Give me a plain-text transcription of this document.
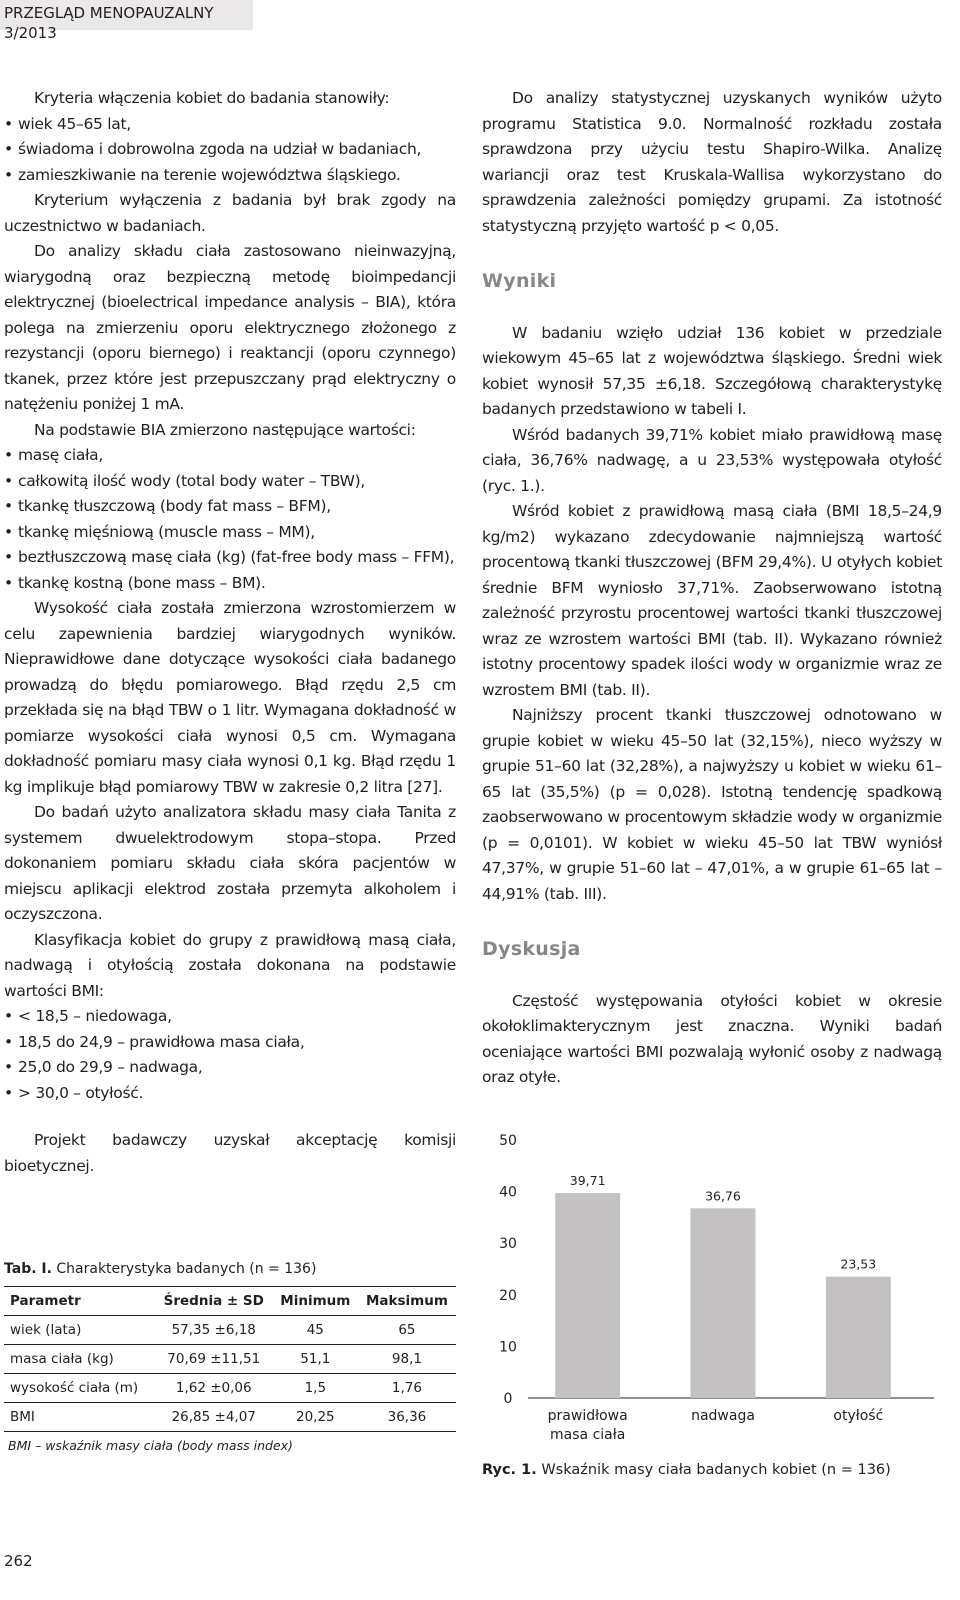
PRZEGLĄD MENOPAUZALNY 3/2013
Kryteria włączenia kobiet do badania stanowiły:
• wiek 45–65 lat,
• świadoma i dobrowolna zgoda na udział w badaniach,
• zamieszkiwanie na terenie województwa śląskiego.
Kryterium wyłączenia z badania był brak zgody na uczestnictwo w badaniach.
Do analizy składu ciała zastosowano nieinwazyjną, wiarygodną oraz bezpieczną metodę bioimpedancji elektrycznej (bioelectrical impedance analysis – BIA), która polega na zmierzeniu oporu elektrycznego złożonego z rezystancji (oporu biernego) i reaktancji (oporu czynnego) tkanek, przez które jest przepuszczany prąd elektryczny o natężeniu poniżej 1 mA.
Na podstawie BIA zmierzono następujące wartości:
• masę ciała,
• całkowitą ilość wody (total body water – TBW),
• tkankę tłuszczową (body fat mass – BFM),
• tkankę mięśniową (muscle mass – MM),
• beztłuszczową masę ciała (kg) (fat-free body mass – FFM),
• tkankę kostną (bone mass – BM).
Wysokość ciała została zmierzona wzrostomierzem w celu zapewnienia bardziej wiarygodnych wyników. Nieprawidłowe dane dotyczące wysokości ciała badanego prowadzą do błędu pomiarowego. Błąd rzędu 2,5 cm przekłada się na błąd TBW o 1 litr. Wymagana dokładność w pomiarze wysokości ciała wynosi 0,5 cm. Wymagana dokładność pomiaru masy ciała wynosi 0,1 kg. Błąd rzędu 1 kg implikuje błąd pomiarowy TBW w zakresie 0,2 litra [27].
Do badań użyto analizatora składu masy ciała Tanita z systemem dwuelektrodowym stopa–stopa. Przed dokonaniem pomiaru składu ciała skóra pacjentów w miejscu aplikacji elektrod została przemyta alkoholem i oczyszczona.
Klasyfikacja kobiet do grupy z prawidłową masą ciała, nadwagą i otyłością została dokonana na podstawie wartości BMI:
• < 18,5 – niedowaga,
• 18,5 do 24,9 – prawidłowa masa ciała,
• 25,0 do 29,9 – nadwaga,
• > 30,0 – otyłość.
Projekt badawczy uzyskał akceptację komisji bioetycznej.
Tab. I. Charakterystyka badanych (n = 136)
Parametr	Średnia ± SD	Minimum	Maksimum
wiek (lata)	57,35 ±6,18	45	65
masa ciała (kg)	70,69 ±11,51	51,1	98,1
wysokość ciała (m)	1,62 ±0,06	1,5	1,76
BMI	26,85 ±4,07	20,25	36,36
BMI – wskaźnik masy ciała (body mass index)
Do analizy statystycznej uzyskanych wyników użyto programu Statistica 9.0. Normalność rozkładu została sprawdzona przy użyciu testu Shapiro-Wilka. Analizę wariancji oraz test Kruskala-Wallisa wykorzystano do sprawdzenia zależności pomiędzy grupami. Za istotność statystyczną przyjęto wartość p < 0,05.
Wyniki
W badaniu wzięło udział 136 kobiet w przedziale wiekowym 45–65 lat z województwa śląskiego. Średni wiek kobiet wynosił 57,35 ±6,18. Szczegółową charakterystykę badanych przedstawiono w tabeli I.
Wśród badanych 39,71% kobiet miało prawidłową masę ciała, 36,76% nadwagę, a u 23,53% występowała otyłość (ryc. 1.).
Wśród kobiet z prawidłową masą ciała (BMI 18,5–24,9 kg/m2) wykazano zdecydowanie najmniejszą wartość procentową tkanki tłuszczowej (BFM 29,4%). U otyłych kobiet średnie BFM wyniosło 37,71%. Zaobserwowano istotną zależność przyrostu procentowej wartości tkanki tłuszczowej wraz ze wzrostem wartości BMI (tab. II). Wykazano również istotny procentowy spadek ilości wody w organizmie wraz ze wzrostem BMI (tab. II).
Najniższy procent tkanki tłuszczowej odnotowano w grupie kobiet w wieku 45–50 lat (32,15%), nieco wyższy w grupie 51–60 lat (32,28%), a najwyższy u kobiet w wieku 61–65 lat (35,5%) (p = 0,028). Istotną tendencję spadkową zaobserwowano w procentowym składzie wody w organizmie (p = 0,0101). W kobiet w wieku 45–50 lat TBW wyniósł 47,37%, w grupie 51–60 lat – 47,01%, a w grupie 61–65 lat – 44,91% (tab. III).
Dyskusja
Częstość występowania otyłości kobiet w okresie okołoklimakterycznym jest znaczna. Wyniki badań oceniające wartości BMI pozwalają wyłonić osoby z nadwagą oraz otyłe.
0
10
20
30
40
50
39,71
prawidłowa masa ciała
36,76
nadwaga
23,53
otyłość
Ryc. 1. Wskaźnik masy ciała badanych kobiet (n = 136)
262
